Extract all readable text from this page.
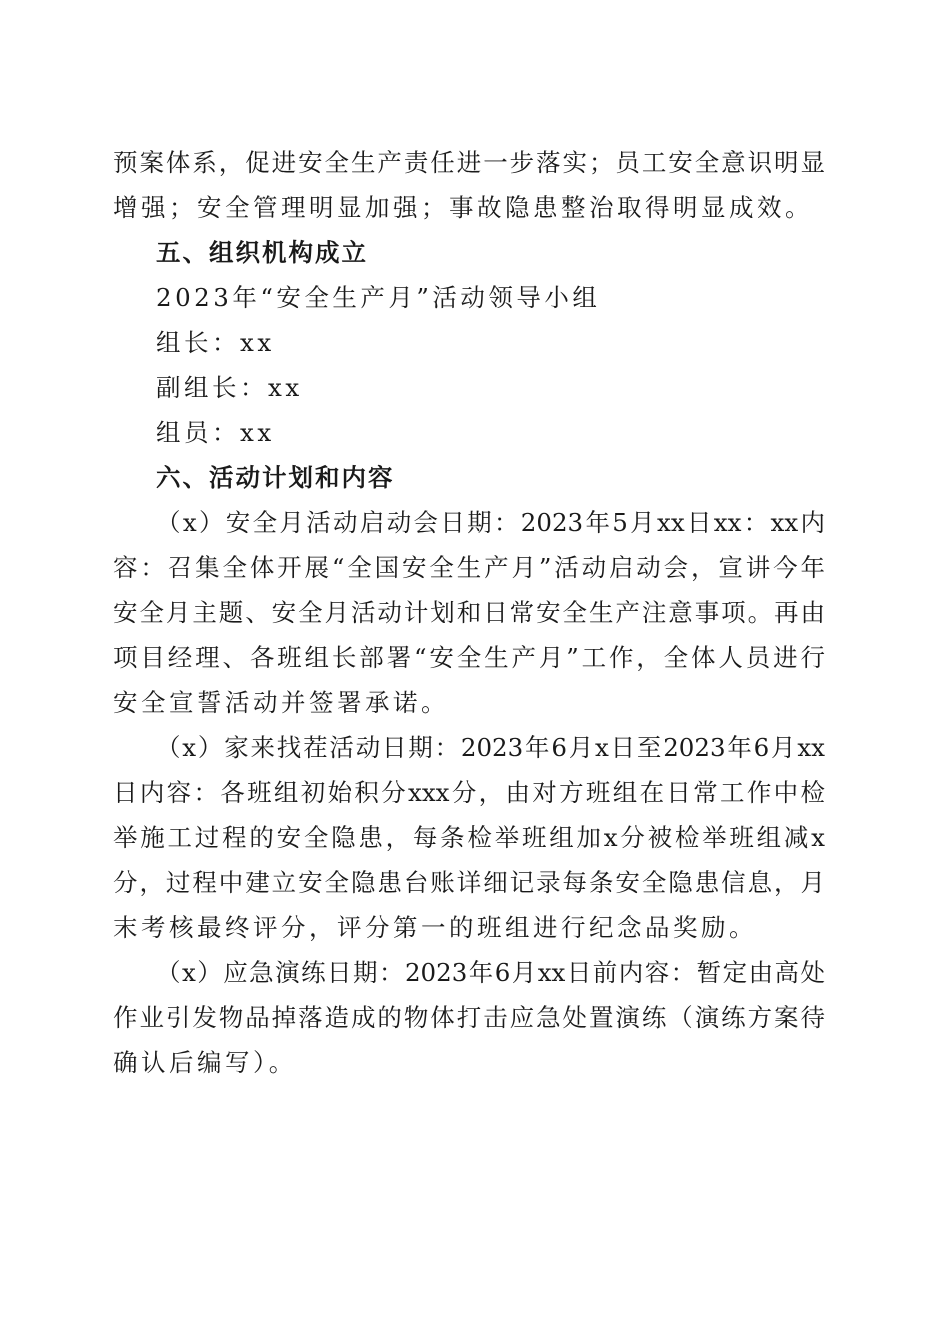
预案体系，促进安全生产责任进一步落实；员工安全意识明显
增强；安全管理明显加强；事故隐患整治取得明显成效。
五、组织机构成立
2023年“安全生产月”活动领导小组
组长：xx
副组长：xx
组员：xx
六、活动计划和内容
（x）安全月活动启动会日期：2023年5月xx日xx：xx内
容：召集全体开展“全国安全生产月”活动启动会，宣讲今年
安全月主题、安全月活动计划和日常安全生产注意事项。再由
项目经理、各班组长部署“安全生产月”工作，全体人员进行
安全宣誓活动并签署承诺。
（x）家来找茬活动日期：2023年6月x日至2023年6月xx
日内容：各班组初始积分xxx分，由对方班组在日常工作中检
举施工过程的安全隐患，每条检举班组加x分被检举班组减x
分，过程中建立安全隐患台账详细记录每条安全隐患信息，月
末考核最终评分，评分第一的班组进行纪念品奖励。
（x）应急演练日期：2023年6月xx日前内容：暂定由高处
作业引发物品掉落造成的物体打击应急处置演练（演练方案待
确认后编写）。
